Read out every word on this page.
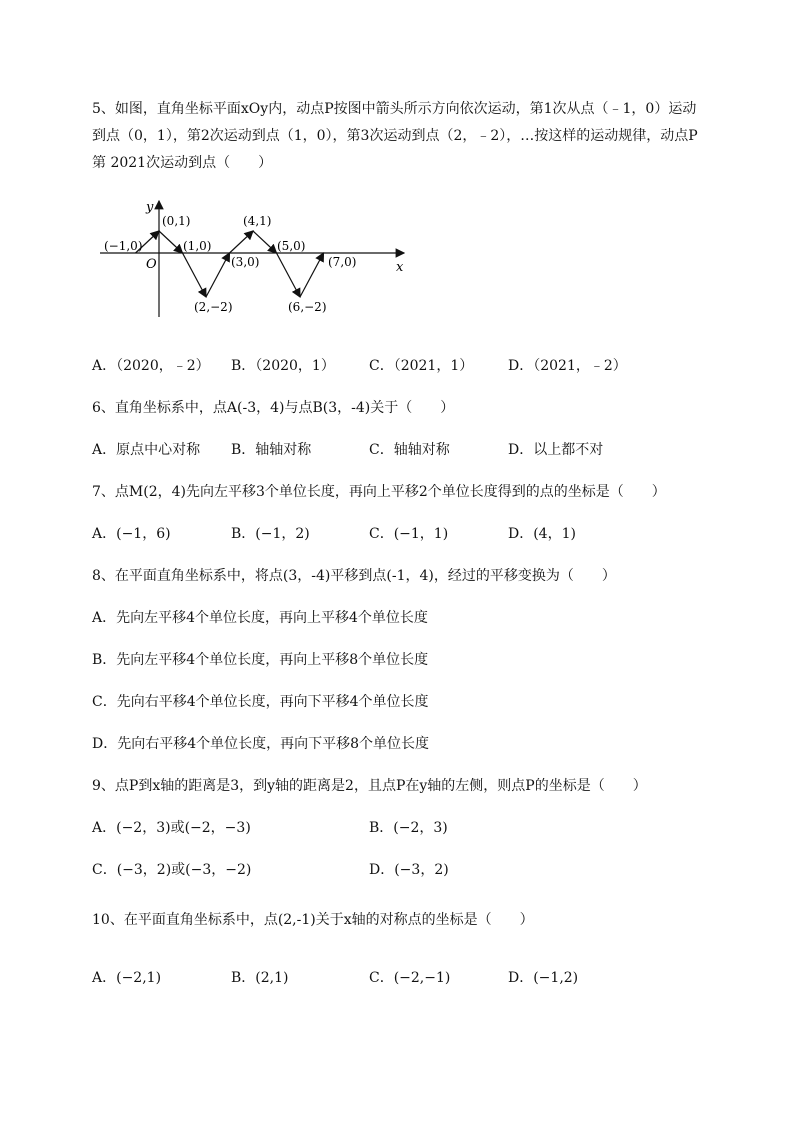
5、如图，直角坐标平面xOy内，动点P按图中箭头所示方向依次运动，第1次从点（﹣1，0）运动
到点（0，1），第2次运动到点（1，0），第3次运动到点（2，﹣2），…按这样的运动规律，动点P
第 2021次运动到点（　　）
x
y
O
(−1,0)
(0,1)
(1,0)
(2,−2)
(3,0)
(4,1)
(5,0)
(6,−2)
(7,0)
A．（2020，﹣2） B．（2020，1） C．（2021，1） D．（2021，﹣2）
6、直角坐标系中，点A(-3，4)与点B(3，-4)关于（　　）
A．原点中心对称 B．轴轴对称	C．轴轴对称	D．以上都不对
7、点M(2，4)先向左平移3个单位长度，再向上平移2个单位长度得到的点的坐标是（　　）
A．(−1，6)	B．(−1，2)	C．(−1，1)	D．(4，1)
8、在平面直角坐标系中，将点(3，-4)平移到点(-1，4)，经过的平移变换为（　　）
A．先向左平移4个单位长度，再向上平移4个单位长度
B．先向左平移4个单位长度，再向上平移8个单位长度
C．先向右平移4个单位长度，再向下平移4个单位长度
D．先向右平移4个单位长度，再向下平移8个单位长度
9、点P到x轴的距离是3，到y轴的距离是2，且点P在y轴的左侧，则点P的坐标是（　　）
A．(−2，3)或(−2，−3)	B．(−2，3)
C．(−3，2)或(−3，−2)	D．(−3，2)
10、在平面直角坐标系中，点(2,-1)关于x轴的对称点的坐标是（　　）
A．(−2,1)	B．(2,1)	C．(−2,−1)	D．(−1,2)
